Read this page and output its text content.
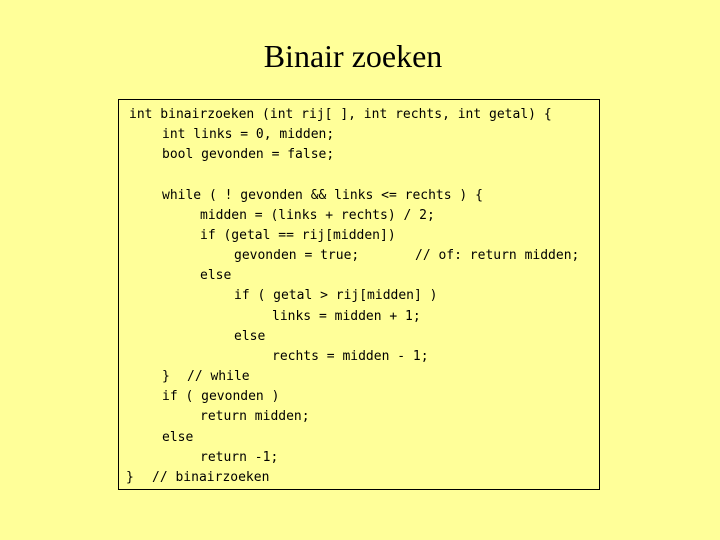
Binair zoeken
int binairzoeken (int rij[ ], int rechts, int getal) {
int links = 0, midden;
bool gevonden = false;
while ( ! gevonden && links <= rechts ) {
midden = (links + rechts) / 2;
if (getal == rij[midden])
gevonden = true;	// of: return midden;
else
if ( getal > rij[midden] )
links = midden + 1;
else
rechts = midden - 1;
} // while
if ( gevonden )
return midden;
else
return -1;
} // binairzoeken
